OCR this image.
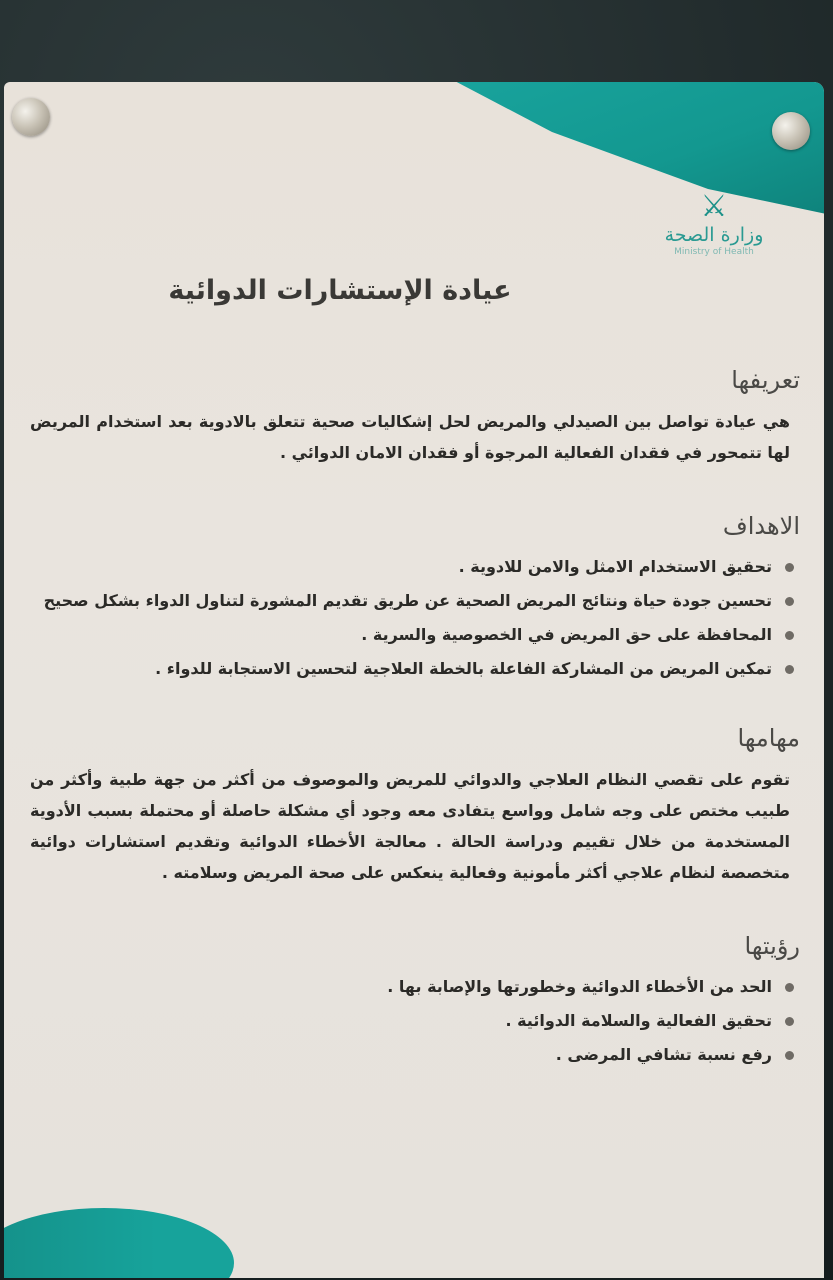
⚔
وزارة الصحة
Ministry of Health
عيادة الإستشارات الدوائية
تعريفها
هي عيادة تواصل بين الصيدلي والمريض لحل إشكاليات صحية تتعلق بالادوية بعد استخدام المريض لها تتمحور في فقدان الفعالية المرجوة أو فقدان الامان الدوائي .
الاهداف
تحقيق الاستخدام الامثل والامن للادوية .
تحسين جودة حياة ونتائج المريض الصحية عن طريق تقديم المشورة لتناول الدواء بشكل صحيح
المحافظة على حق المريض في الخصوصية والسرية .
تمكين المريض من المشاركة الفاعلة بالخطة العلاجية لتحسين الاستجابة للدواء .
مهامها
تقوم على تقصي النظام العلاجي والدوائي للمريض والموصوف من أكثر من جهة طبية وأكثر من طبيب مختص على وجه شامل وواسع يتفادى معه وجود أي مشكلة حاصلة أو محتملة بسبب الأدوية المستخدمة من خلال تقييم ودراسة الحالة . معالجة الأخطاء الدوائية وتقديم استشارات دوائية متخصصة لنظام علاجي أكثر مأمونية وفعالية ينعكس على صحة المريض وسلامته .
رؤيتها
الحد من الأخطاء الدوائية وخطورتها والإصابة بها .
تحقيق الفعالية والسلامة الدوائية .
رفع نسبة تشافي المرضى .
